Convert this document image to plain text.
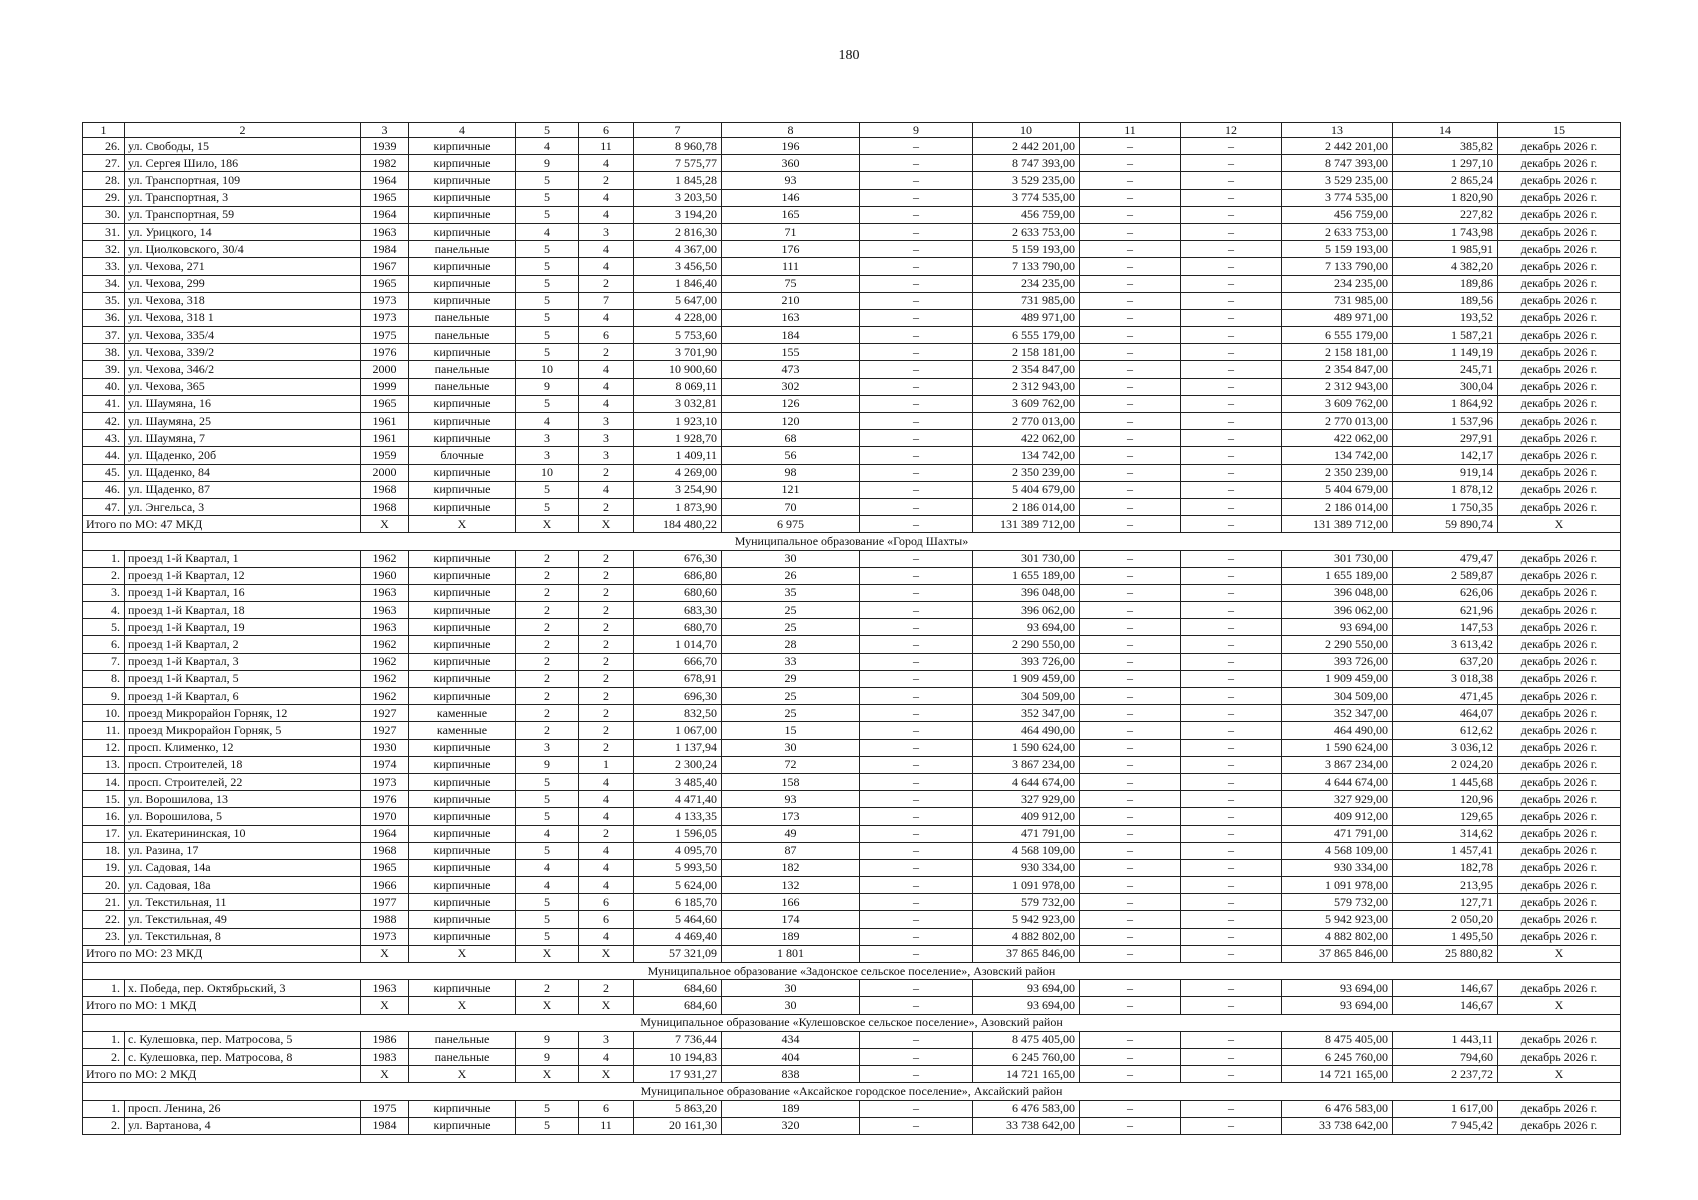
180
1	2	3	4	5	6	7	8	9	10	11	12	13	14	15
26.	ул. Свободы, 15	1939	кирпичные	4	11	8 960,78	196	–	2 442 201,00	–	–	2 442 201,00	385,82	декабрь 2026 г.
27.	ул. Сергея Шило, 186	1982	кирпичные	9	4	7 575,77	360	–	8 747 393,00	–	–	8 747 393,00	1 297,10	декабрь 2026 г.
28.	ул. Транспортная, 109	1964	кирпичные	5	2	1 845,28	93	–	3 529 235,00	–	–	3 529 235,00	2 865,24	декабрь 2026 г.
29.	ул. Транспортная, 3	1965	кирпичные	5	4	3 203,50	146	–	3 774 535,00	–	–	3 774 535,00	1 820,90	декабрь 2026 г.
30.	ул. Транспортная, 59	1964	кирпичные	5	4	3 194,20	165	–	456 759,00	–	–	456 759,00	227,82	декабрь 2026 г.
31.	ул. Урицкого, 14	1963	кирпичные	4	3	2 816,30	71	–	2 633 753,00	–	–	2 633 753,00	1 743,98	декабрь 2026 г.
32.	ул. Циолковского, 30/4	1984	панельные	5	4	4 367,00	176	–	5 159 193,00	–	–	5 159 193,00	1 985,91	декабрь 2026 г.
33.	ул. Чехова, 271	1967	кирпичные	5	4	3 456,50	111	–	7 133 790,00	–	–	7 133 790,00	4 382,20	декабрь 2026 г.
34.	ул. Чехова, 299	1965	кирпичные	5	2	1 846,40	75	–	234 235,00	–	–	234 235,00	189,86	декабрь 2026 г.
35.	ул. Чехова, 318	1973	кирпичные	5	7	5 647,00	210	–	731 985,00	–	–	731 985,00	189,56	декабрь 2026 г.
36.	ул. Чехова, 318 1	1973	панельные	5	4	4 228,00	163	–	489 971,00	–	–	489 971,00	193,52	декабрь 2026 г.
37.	ул. Чехова, 335/4	1975	панельные	5	6	5 753,60	184	–	6 555 179,00	–	–	6 555 179,00	1 587,21	декабрь 2026 г.
38.	ул. Чехова, 339/2	1976	кирпичные	5	2	3 701,90	155	–	2 158 181,00	–	–	2 158 181,00	1 149,19	декабрь 2026 г.
39.	ул. Чехова, 346/2	2000	панельные	10	4	10 900,60	473	–	2 354 847,00	–	–	2 354 847,00	245,71	декабрь 2026 г.
40.	ул. Чехова, 365	1999	панельные	9	4	8 069,11	302	–	2 312 943,00	–	–	2 312 943,00	300,04	декабрь 2026 г.
41.	ул. Шаумяна, 16	1965	кирпичные	5	4	3 032,81	126	–	3 609 762,00	–	–	3 609 762,00	1 864,92	декабрь 2026 г.
42.	ул. Шаумяна, 25	1961	кирпичные	4	3	1 923,10	120	–	2 770 013,00	–	–	2 770 013,00	1 537,96	декабрь 2026 г.
43.	ул. Шаумяна, 7	1961	кирпичные	3	3	1 928,70	68	–	422 062,00	–	–	422 062,00	297,91	декабрь 2026 г.
44.	ул. Щаденко, 20б	1959	блочные	3	3	1 409,11	56	–	134 742,00	–	–	134 742,00	142,17	декабрь 2026 г.
45.	ул. Щаденко, 84	2000	кирпичные	10	2	4 269,00	98	–	2 350 239,00	–	–	2 350 239,00	919,14	декабрь 2026 г.
46.	ул. Щаденко, 87	1968	кирпичные	5	4	3 254,90	121	–	5 404 679,00	–	–	5 404 679,00	1 878,12	декабрь 2026 г.
47.	ул. Энгельса, 3	1968	кирпичные	5	2	1 873,90	70	–	2 186 014,00	–	–	2 186 014,00	1 750,35	декабрь 2026 г.
Итого по МО: 47 МКД		X	X	X	X	184 480,22	6 975	–	131 389 712,00	–	–	131 389 712,00	59 890,74	X
Муниципальное образование «Город Шахты»														
1.	проезд 1-й Квартал, 1	1962	кирпичные	2	2	676,30	30	–	301 730,00	–	–	301 730,00	479,47	декабрь 2026 г.
2.	проезд 1-й Квартал, 12	1960	кирпичные	2	2	686,80	26	–	1 655 189,00	–	–	1 655 189,00	2 589,87	декабрь 2026 г.
3.	проезд 1-й Квартал, 16	1963	кирпичные	2	2	680,60	35	–	396 048,00	–	–	396 048,00	626,06	декабрь 2026 г.
4.	проезд 1-й Квартал, 18	1963	кирпичные	2	2	683,30	25	–	396 062,00	–	–	396 062,00	621,96	декабрь 2026 г.
5.	проезд 1-й Квартал, 19	1963	кирпичные	2	2	680,70	25	–	93 694,00	–	–	93 694,00	147,53	декабрь 2026 г.
6.	проезд 1-й Квартал, 2	1962	кирпичные	2	2	1 014,70	28	–	2 290 550,00	–	–	2 290 550,00	3 613,42	декабрь 2026 г.
7.	проезд 1-й Квартал, 3	1962	кирпичные	2	2	666,70	33	–	393 726,00	–	–	393 726,00	637,20	декабрь 2026 г.
8.	проезд 1-й Квартал, 5	1962	кирпичные	2	2	678,91	29	–	1 909 459,00	–	–	1 909 459,00	3 018,38	декабрь 2026 г.
9.	проезд 1-й Квартал, 6	1962	кирпичные	2	2	696,30	25	–	304 509,00	–	–	304 509,00	471,45	декабрь 2026 г.
10.	проезд Микрорайон Горняк, 12	1927	каменные	2	2	832,50	25	–	352 347,00	–	–	352 347,00	464,07	декабрь 2026 г.
11.	проезд Микрорайон Горняк, 5	1927	каменные	2	2	1 067,00	15	–	464 490,00	–	–	464 490,00	612,62	декабрь 2026 г.
12.	просп. Клименко, 12	1930	кирпичные	3	2	1 137,94	30	–	1 590 624,00	–	–	1 590 624,00	3 036,12	декабрь 2026 г.
13.	просп. Строителей, 18	1974	кирпичные	9	1	2 300,24	72	–	3 867 234,00	–	–	3 867 234,00	2 024,20	декабрь 2026 г.
14.	просп. Строителей, 22	1973	кирпичные	5	4	3 485,40	158	–	4 644 674,00	–	–	4 644 674,00	1 445,68	декабрь 2026 г.
15.	ул. Ворошилова, 13	1976	кирпичные	5	4	4 471,40	93	–	327 929,00	–	–	327 929,00	120,96	декабрь 2026 г.
16.	ул. Ворошилова, 5	1970	кирпичные	5	4	4 133,35	173	–	409 912,00	–	–	409 912,00	129,65	декабрь 2026 г.
17.	ул. Екатерининская, 10	1964	кирпичные	4	2	1 596,05	49	–	471 791,00	–	–	471 791,00	314,62	декабрь 2026 г.
18.	ул. Разина, 17	1968	кирпичные	5	4	4 095,70	87	–	4 568 109,00	–	–	4 568 109,00	1 457,41	декабрь 2026 г.
19.	ул. Садовая, 14а	1965	кирпичные	4	4	5 993,50	182	–	930 334,00	–	–	930 334,00	182,78	декабрь 2026 г.
20.	ул. Садовая, 18а	1966	кирпичные	4	4	5 624,00	132	–	1 091 978,00	–	–	1 091 978,00	213,95	декабрь 2026 г.
21.	ул. Текстильная, 11	1977	кирпичные	5	6	6 185,70	166	–	579 732,00	–	–	579 732,00	127,71	декабрь 2026 г.
22.	ул. Текстильная, 49	1988	кирпичные	5	6	5 464,60	174	–	5 942 923,00	–	–	5 942 923,00	2 050,20	декабрь 2026 г.
23.	ул. Текстильная, 8	1973	кирпичные	5	4	4 469,40	189	–	4 882 802,00	–	–	4 882 802,00	1 495,50	декабрь 2026 г.
Итого по МО: 23 МКД		X	X	X	X	57 321,09	1 801	–	37 865 846,00	–	–	37 865 846,00	25 880,82	X
Муниципальное образование «Задонское сельское поселение», Азовский район														
1.	х. Победа, пер. Октябрьский, 3	1963	кирпичные	2	2	684,60	30	–	93 694,00	–	–	93 694,00	146,67	декабрь 2026 г.
Итого по МО: 1 МКД		X	X	X	X	684,60	30	–	93 694,00	–	–	93 694,00	146,67	X
Муниципальное образование «Кулешовское сельское поселение», Азовский район														
1.	с. Кулешовка, пер. Матросова, 5	1986	панельные	9	3	7 736,44	434	–	8 475 405,00	–	–	8 475 405,00	1 443,11	декабрь 2026 г.
2.	с. Кулешовка, пер. Матросова, 8	1983	панельные	9	4	10 194,83	404	–	6 245 760,00	–	–	6 245 760,00	794,60	декабрь 2026 г.
Итого по МО: 2 МКД		X	X	X	X	17 931,27	838	–	14 721 165,00	–	–	14 721 165,00	2 237,72	X
Муниципальное образование «Аксайское городское поселение», Аксайский район														
1.	просп. Ленина, 26	1975	кирпичные	5	6	5 863,20	189	–	6 476 583,00	–	–	6 476 583,00	1 617,00	декабрь 2026 г.
2.	ул. Вартанова, 4	1984	кирпичные	5	11	20 161,30	320	–	33 738 642,00	–	–	33 738 642,00	7 945,42	декабрь 2026 г.
